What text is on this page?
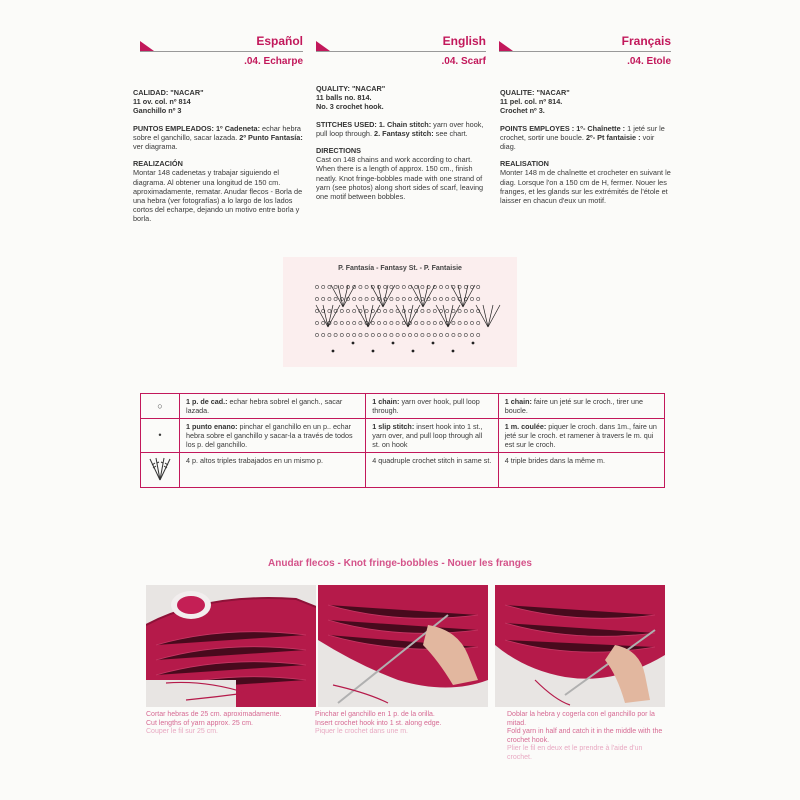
Español	English	Français
.04. Echarpe	.04. Scarf	.04. Etole

CALIDAD: "NACAR"

11 ov. col. nº 814

Ganchillo nº 3

PUNTOS EMPLEADOS: 1º Cadeneta: echar hebra sobre el ganchillo, sacar lazada. 2º Punto Fantasía: ver diagrama.

REALIZACIÓN

Montar 148 cadenetas y trabajar siguiendo el diagrama. Al obtener una longitud de 150 cm. aproximadamente, rematar. Anudar flecos - Borla de una hebra (ver fotografías) a lo largo de los lados cortos del echarpe, dejando un motivo entre borla y borla.

QUALITY: "NACAR"

11 balls no. 814.

No. 3 crochet hook.

STITCHES USED: 1. Chain stitch: yarn over hook, pull loop through. 2. Fantasy stitch: see chart.

DIRECTIONS

Cast on 148 chains and work according to chart. When there is a length of approx. 150 cm., finish neatly. Knot fringe-bobbles made with one strand of yarn (see photos) along short sides of scarf, leaving one motif between bobbles.

QUALITE: "NACAR"

11 pel. col. nº 814.

Crochet nº 3.

POINTS EMPLOYES : 1º- Chaînette : 1 jeté sur le crochet, sortir une boucle. 2º- Pt fantaisie : voir diag.

REALISATION

Monter 148 m de chaînette et crocheter en suivant le diag. Lorsque l'on a 150 cm de H, fermer. Nouer les franges, et les glands sur les extrémités de l'étole et laisser en chacun d'eux un motif.

P. Fantasía - Fantasy St. - P. Fantaisie
○	1 p. de cad.: echar hebra sobrel el ganch., sacar lazada.	1 chain: yarn over hook, pull loop through.	1 chain: faire un jeté sur le croch., tirer une boucle.
•	1 punto enano: pinchar el ganchillo en un p.. echar hebra sobre el ganchillo y sacar-la a través de todos los p. del ganchillo.	1 slip stitch: insert hook into 1 st., yarn over, and pull loop through all st. on hook	1 m. coulée: piquer le croch. dans 1m., faire un jeté sur le croch. et ramener à travers le m. qui est sur le croch.
	4 p. altos triples trabajados en un mismo p.	4 quadruple crochet stitch in same st.	4 triple brides dans la même m.
Anudar flecos - Knot fringe-bobbles - Nouer les franges

Cortar hebras de 25 cm. aproximadamente.

Cut lengths of yarn approx. 25 cm.

Couper le fil sur 25 cm.

Pinchar el ganchillo en 1 p. de la orilla.

Insert crochet hook into 1 st. along edge.

Piquer le crochet dans une m.

Doblar la hebra y cogerla con el ganchillo por la mitad.

Fold yarn in half and catch it in the middle with the crochet hook.

Plier le fil en deux et le prendre à l'aide d'un crochet.
